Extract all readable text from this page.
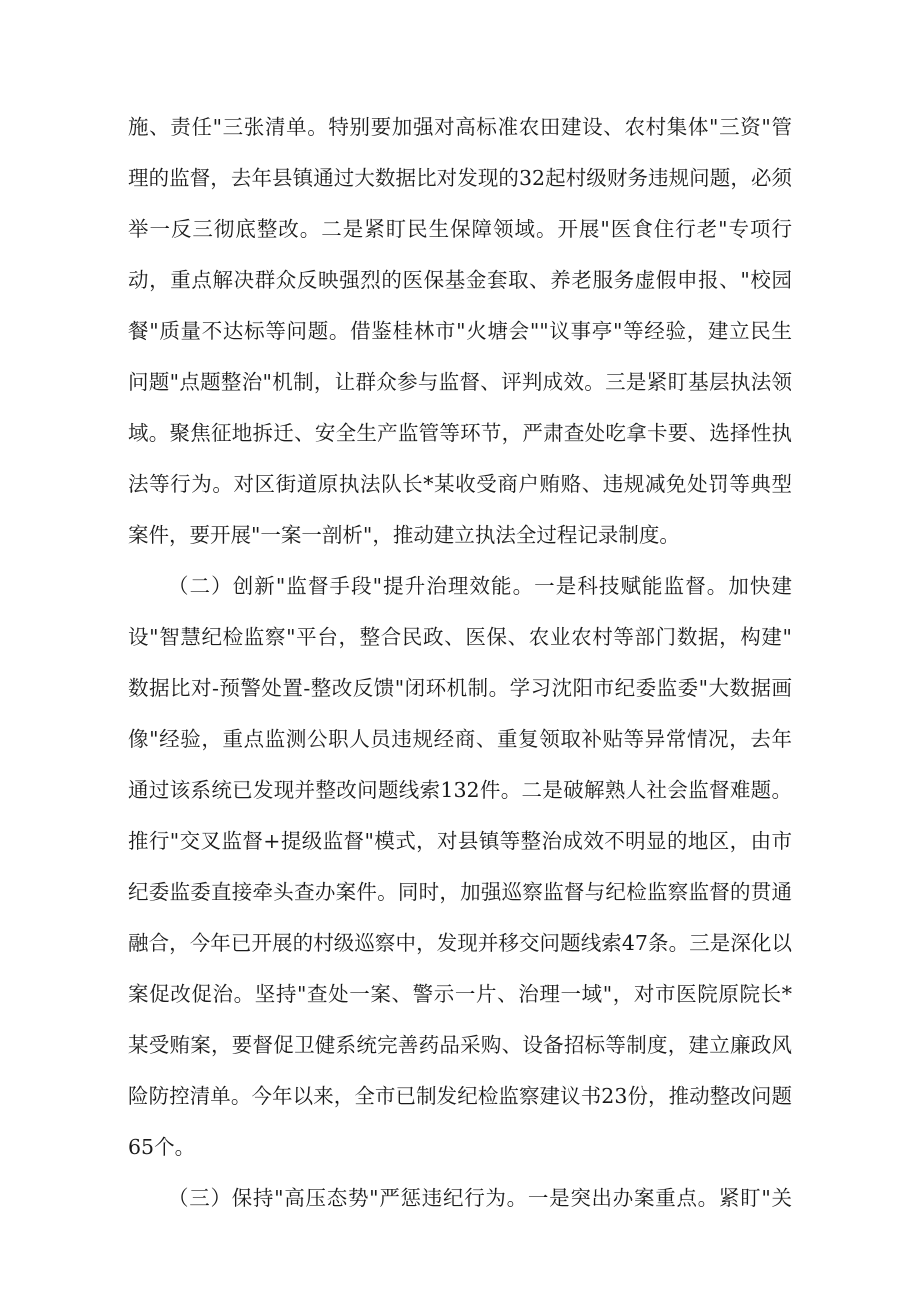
施、责任"三张清单。特别要加强对高标准农田建设、农村集体"三资"管
理的监督，去年县镇通过大数据比对发现的32起村级财务违规问题，必须
举一反三彻底整改。二是紧盯民生保障领域。开展"医食住行老"专项行
动，重点解决群众反映强烈的医保基金套取、养老服务虚假申报、"校园
餐"质量不达标等问题。借鉴桂林市"火塘会""议事亭"等经验，建立民生
问题"点题整治"机制，让群众参与监督、评判成效。三是紧盯基层执法领
域。聚焦征地拆迁、安全生产监管等环节，严肃查处吃拿卡要、选择性执
法等行为。对区街道原执法队长*某收受商户贿赂、违规减免处罚等典型
案件，要开展"一案一剖析"，推动建立执法全过程记录制度。
（二）创新"监督手段"提升治理效能。一是科技赋能监督。加快建
设"智慧纪检监察"平台，整合民政、医保、农业农村等部门数据，构建"
数据比对-预警处置-整改反馈"闭环机制。学习沈阳市纪委监委"大数据画
像"经验，重点监测公职人员违规经商、重复领取补贴等异常情况，去年
通过该系统已发现并整改问题线索132件。二是破解熟人社会监督难题。
推行"交叉监督+提级监督"模式，对县镇等整治成效不明显的地区，由市
纪委监委直接牵头查办案件。同时，加强巡察监督与纪检监察监督的贯通
融合，今年已开展的村级巡察中，发现并移交问题线索47条。三是深化以
案促改促治。坚持"查处一案、警示一片、治理一域"，对市医院原院长*
某受贿案，要督促卫健系统完善药品采购、设备招标等制度，建立廉政风
险防控清单。今年以来，全市已制发纪检监察建议书23份，推动整改问题
65个。
（三）保持"高压态势"严惩违纪行为。一是突出办案重点。紧盯"关
